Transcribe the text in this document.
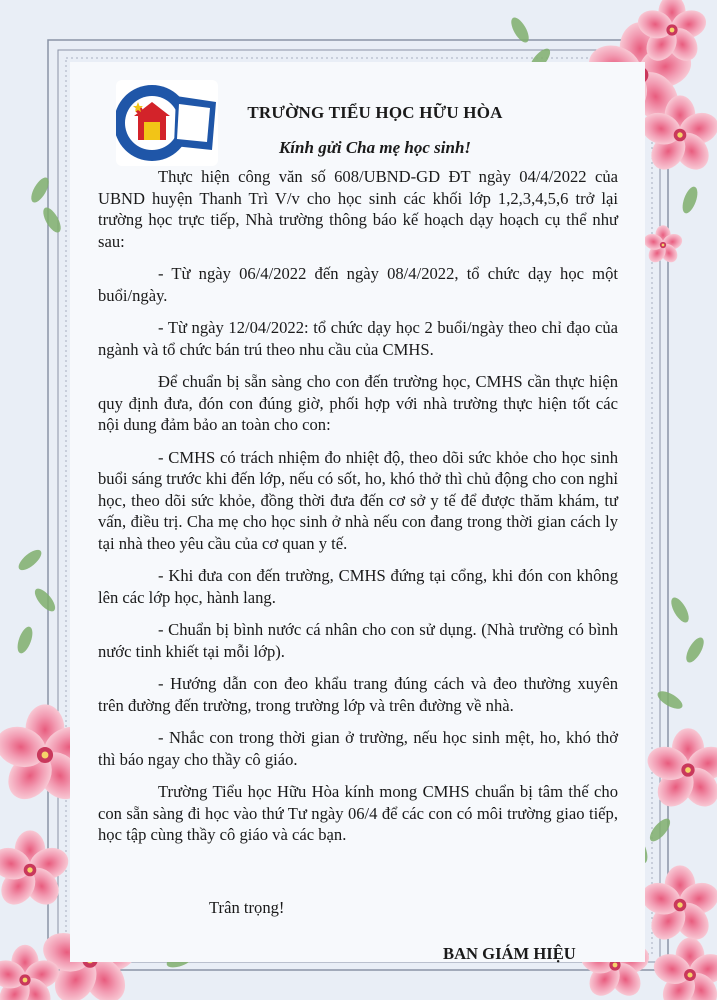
TRƯỜNG TIỂU HỌC HỮU HÒA
Kính gửi Cha mẹ học sinh!

Thực hiện công văn số 608/UBND-GD ĐT ngày 04/4/2022 của UBND huyện Thanh Trì V/v cho học sinh các khối lớp 1,2,3,4,5,6 trở lại trường học trực tiếp, Nhà trường thông báo kế hoạch dạy hoạch cụ thể như sau:

- Từ ngày 06/4/2022 đến ngày 08/4/2022, tổ chức dạy học một buổi/ngày.

- Từ ngày 12/04/2022: tổ chức dạy học 2 buổi/ngày theo chỉ đạo của ngành và tổ chức bán trú theo nhu cầu của CMHS.

Để chuẩn bị sẵn sàng cho con đến trường học, CMHS cần thực hiện quy định đưa, đón con đúng giờ, phối hợp với nhà trường thực hiện tốt các nội dung đảm bảo an toàn cho con:

- CMHS có trách nhiệm đo nhiệt độ, theo dõi sức khỏe cho học sinh buổi sáng trước khi đến lớp, nếu có sốt, ho, khó thở thì chủ động cho con nghỉ học, theo dõi sức khỏe, đồng thời đưa đến cơ sở y tế để được thăm khám, tư vấn, điều trị. Cha mẹ cho học sinh ở nhà nếu con đang trong thời gian cách ly tại nhà theo yêu cầu của cơ quan y tế.

- Khi đưa con đến trường, CMHS đứng tại cổng, khi đón con không lên các lớp học, hành lang.

- Chuẩn bị bình nước cá nhân cho con sử dụng. (Nhà trường có bình nước tinh khiết tại mỗi lớp).

- Hướng dẫn con đeo khẩu trang đúng cách và đeo thường xuyên trên đường đến trường, trong trường lớp và trên đường về nhà.

- Nhắc con trong thời gian ở trường, nếu học sinh mệt, ho, khó thở thì báo ngay cho thầy cô giáo.

Trường Tiểu học Hữu Hòa kính mong CMHS chuẩn bị tâm thế cho con sẵn sàng đi học vào thứ Tư ngày 06/4 để các con có môi trường giao tiếp, học tập cùng thầy cô giáo và các bạn.

Trân trọng!
BAN GIÁM HIỆU
